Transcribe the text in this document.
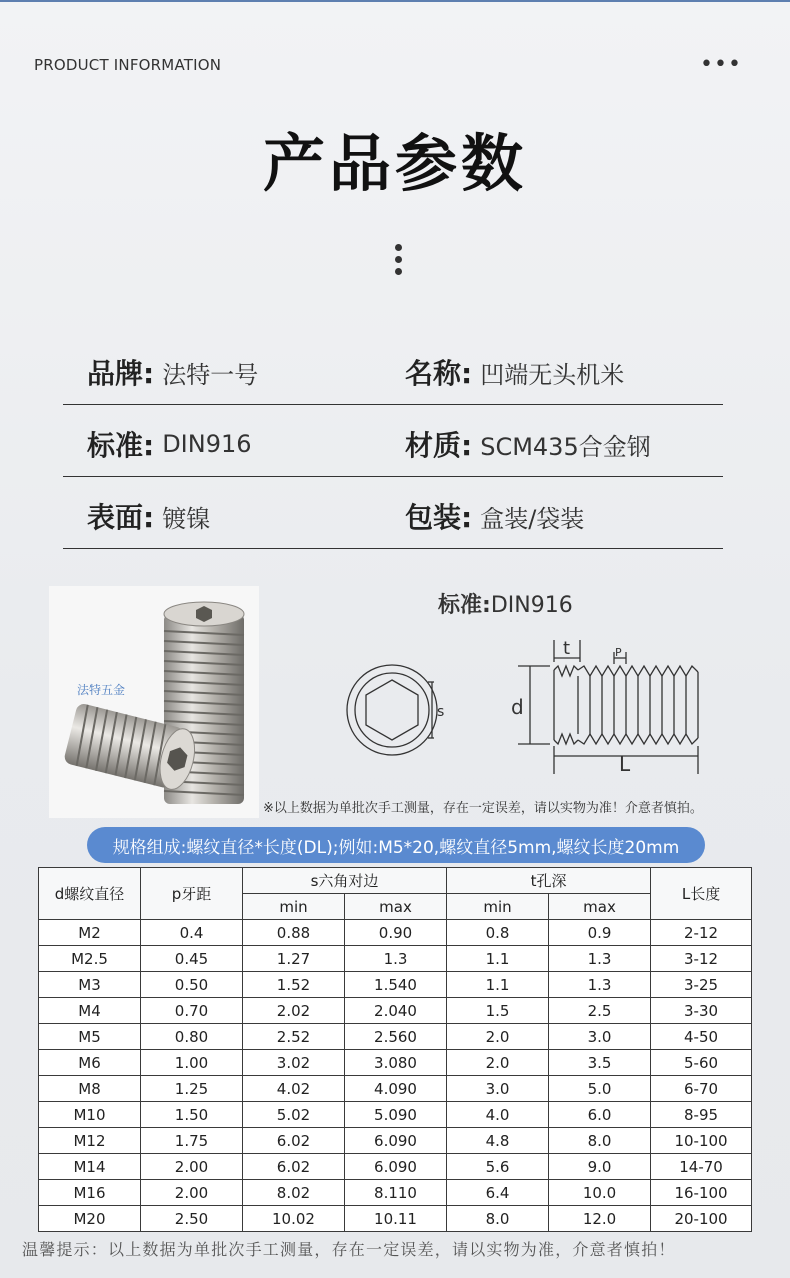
PRODUCT INFORMATION	•••
产品参数
品牌: 法特一号	名称: 凹端无头机米
标准: DIN916	材质: SCM435合金钢
表面: 镀镍	包装: 盒装/袋装
法特五金
标准:DIN916
s
t	P
d
L
※以上数据为单批次手工测量，存在一定误差，请以实物为准！介意者慎拍。
规格组成:螺纹直径*长度(DL);例如:M5*20,螺纹直径5mm,螺纹长度20mm
d螺纹直径	p牙距	s六角对边		t孔深		L长度
		min	max	min	max	
M2	0.4	0.88	0.90	0.8	0.9	2-12
M2.5	0.45	1.27	1.3	1.1	1.3	3-12
M3	0.50	1.52	1.540	1.1	1.3	3-25
M4	0.70	2.02	2.040	1.5	2.5	3-30
M5	0.80	2.52	2.560	2.0	3.0	4-50
M6	1.00	3.02	3.080	2.0	3.5	5-60
M8	1.25	4.02	4.090	3.0	5.0	6-70
M10	1.50	5.02	5.090	4.0	6.0	8-95
M12	1.75	6.02	6.090	4.8	8.0	10-100
M14	2.00	6.02	6.090	5.6	9.0	14-70
M16	2.00	8.02	8.110	6.4	10.0	16-100
M20	2.50	10.02	10.11	8.0	12.0	20-100
温馨提示：以上数据为单批次手工测量，存在一定误差，请以实物为准，介意者慎拍！
